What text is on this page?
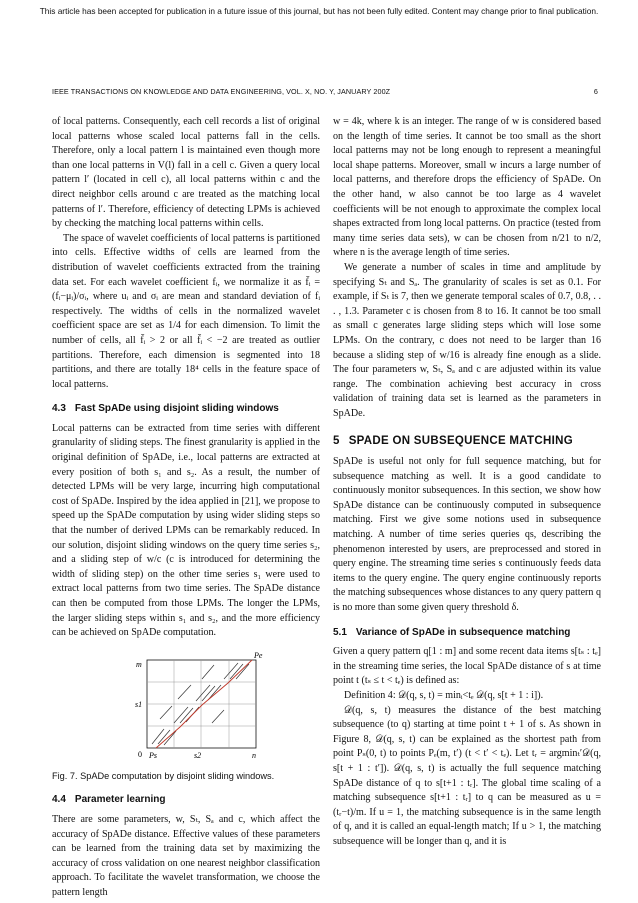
This article has been accepted for publication in a future issue of this journal, but has not been fully edited. Content may change prior to final publication.
IEEE TRANSACTIONS ON KNOWLEDGE AND DATA ENGINEERING, VOL. X, NO. Y, JANUARY 200Z	6

of local patterns. Consequently, each cell records a list of original local patterns whose scaled local patterns fall in the cells. Therefore, only a local pattern l is maintained even though more than one local patterns in V(l) fall in a cell c. Given a query local pattern l′ (located in cell c), all local patterns within c and the direct neighbor cells around c are treated as the matching local patterns of l′. Therefore, efficiency of detecting LPMs is achieved by checking the matching local patterns within cells.

The space of wavelet coefficients of local patterns is partitioned into cells. Effective widths of cells are learned from the distribution of wavelet coefficients extracted from the training data set. For each wavelet coefficient fᵢ, we normalize it as f̄ᵢ = (fᵢ−μᵢ)/σᵢ, where uᵢ and σᵢ are mean and standard deviation of fᵢ respectively. The widths of cells in the normalized wavelet coefficient space are set as 1/4 for each dimension. To limit the number of cells, all f̄ᵢ > 2 or all f̄ᵢ < −2 are treated as outlier partitions. Therefore, each dimension is segmented into 18 partitions, and there are totally 18⁴ cells in the feature space of local patterns.

4.3 Fast SpADe using disjoint sliding windows

Local patterns can be extracted from time series with different granularity of sliding steps. The finest granularity is applied in the original definition of SpADe, i.e., local patterns are extracted at every position of both s₁ and s₂. As a result, the number of detected LPMs will be very large, incurring high computational cost of SpADe. Inspired by the idea applied in [21], we propose to speed up the SpADe computation by using wider sliding steps so that the number of derived LPMs can be remarkably reduced. In our solution, disjoint sliding windows on the query time series s₂, and a sliding step of w/c (c is introduced for determining the width of sliding step) on the other time series s₁ were used to extract local patterns from two time series. The SpADe distance can then be computed from those LPMs. The longer the LPMs, the larger sliding steps within s₁ and s₂, and the more efficiency can be achieved on SpADe computation.

m
Pe
s1
0 Ps	s2	n
Fig. 7. SpADe computation by disjoint sliding windows.
4.4 Parameter learning

There are some parameters, w, Sₜ, Sₐ and c, which affect the accuracy of SpADe distance. Effective values of these parameters can be learned from the training data set by maximizing the accuracy of cross validation on one nearest neighbor classification approach. To facilitate the wavelet transformation, we choose the pattern length

w = 4k, where k is an integer. The range of w is considered based on the length of time series. It cannot be too small as the short local patterns may not be long enough to represent a meaningful local shape patterns. Moreover, small w incurs a large number of local patterns, and therefore drops the efficiency of SpADe. On the other hand, w also cannot be too large as 4 wavelet coefficients will be not enough to approximate the complex local shapes extracted from long local patterns. On practice (tested from many time series data sets), w can be chosen from n/21 to n/2, where n is the average length of time series.

We generate a number of scales in time and amplitude by specifying Sₜ and Sₐ. The granularity of scales is set as 0.1. For example, if Sₜ is 7, then we generate temporal scales of 0.7, 0.8, . . . , 1.3. Parameter c is chosen from 8 to 16. It cannot be too small as small c generates large sliding steps which will lose some LPMs. On the contrary, c does not need to be larger than 16 because a sliding step of w/16 is already fine enough as a slide. The four parameters w, Sₜ, Sₐ and c are adjusted within its value range. The combination achieving best accuracy in cross validation of training data set is learned as the parameters in SpADe.

5 SPADE ON SUBSEQUENCE MATCHING

SpADe is useful not only for full sequence matching, but for subsequence matching as well. It is a good candidate to continuously monitor subsequences. In this section, we show how SpADe distance can be continuously computed in subsequence matching. First we give some notions used in subsequence matching. A number of time series queries qs, describing the phenomenon interested by users, are preprocessed and stored in query engine. The streaming time series s continuously feeds data items to the query engine. The query engine continuously reports the matching subsequences whose distances to any query pattern q is no more than some given query threshold δ.

5.1 Variance of SpADe in subsequence matching

Given a query pattern q[1 : m] and some recent data items s[tₛ : tₑ] in the streaming time series, the local SpADe distance of s at time point t (tₛ ≤ t < tₑ) is defined as:

Definition 4: 𝒟(q, s, t) = minᵢ<tₑ 𝒟(q, s[t + 1 : i]).

𝒟(q, s, t) measures the distance of the best matching subsequence (to q) starting at time point t + 1 of s. As shown in Figure 8, 𝒟(q, s, t) can be explained as the shortest path from point Pₛ(0, t) to points Pₑ(m, t′) (t < t′ < tₑ). Let tᵣ = argminₜ′𝒟(q, s[t + 1 : t′]). 𝒟(q, s, t) is actually the full sequence matching SpADe distance of q to s[t+1 : tᵣ]. The global time scaling of a matching subsequence s[t+1 : tᵣ] to q can be measured as u = (tᵣ−t)/m. If u = 1, the matching subsequence is in the same length of q, and it is called an equal-length match; If u > 1, the matching subsequence will be longer than q, and it is
